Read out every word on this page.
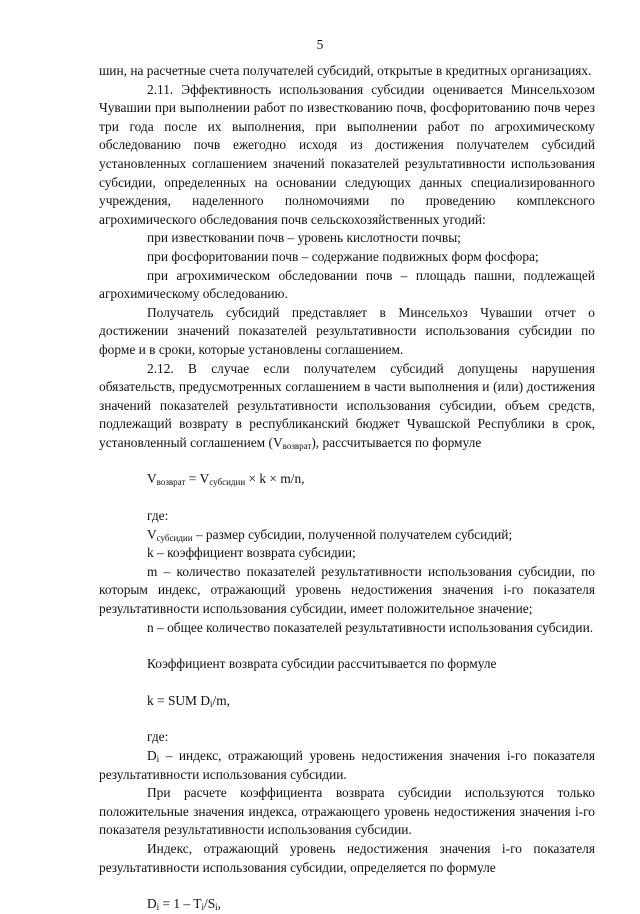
5

шин, на расчетные счета получателей субсидий, открытые в кредитных организациях.

2.11. Эффективность использования субсидии оценивается Минсельхозом Чувашии при выполнении работ по известкованию почв, фосфоритованию почв через три года после их выполнения, при выполнении работ по агрохимическому обследованию почв ежегодно исходя из достижения получателем субсидий установленных соглашением значений показателей результативности использования субсидии, определенных на основании следующих данных специализированного учреждения, наделенного полномочиями по проведению комплексного агрохимического обследования почв сельскохозяйственных угодий:

при известковании почв – уровень кислотности почвы;

при фосфоритовании почв – содержание подвижных форм фосфора;

при агрохимическом обследовании почв – площадь пашни, подлежащей агрохимическому обследованию.

Получатель субсидий представляет в Минсельхоз Чувашии отчет о достижении значений показателей результативности использования субсидии по форме и в сроки, которые установлены соглашением.

2.12. В случае если получателем субсидий допущены нарушения обязательств, предусмотренных соглашением в части выполнения и (или) достижения значений показателей результативности использования субсидии, объем средств, подлежащий возврату в республиканский бюджет Чувашской Республики в срок, установленный соглашением $(V_{возврат})$, рассчитывается по формуле

$V_{возврат} = V_{субсидии} \times k \times m/n$,

где:

$V_{субсидии}$ – размер субсидии, полученной получателем субсидий;

k – коэффициент возврата субсидии;

m – количество показателей результативности использования субсидии, по которым индекс, отражающий уровень недостижения значения i-го показателя результативности использования субсидии, имеет положительное значение;

n – общее количество показателей результативности использования субсидии.

Коэффициент возврата субсидии рассчитывается по формуле

k = SUM $D_i/m$,

где:

$D_i$ – индекс, отражающий уровень недостижения значения i-го показателя результативности использования субсидии.

При расчете коэффициента возврата субсидии используются только положительные значения индекса, отражающего уровень недостижения значения i-го показателя результативности использования субсидии.

Индекс, отражающий уровень недостижения значения i-го показателя результативности использования субсидии, определяется по формуле

$D_i = 1 - T_i/S_i$,
